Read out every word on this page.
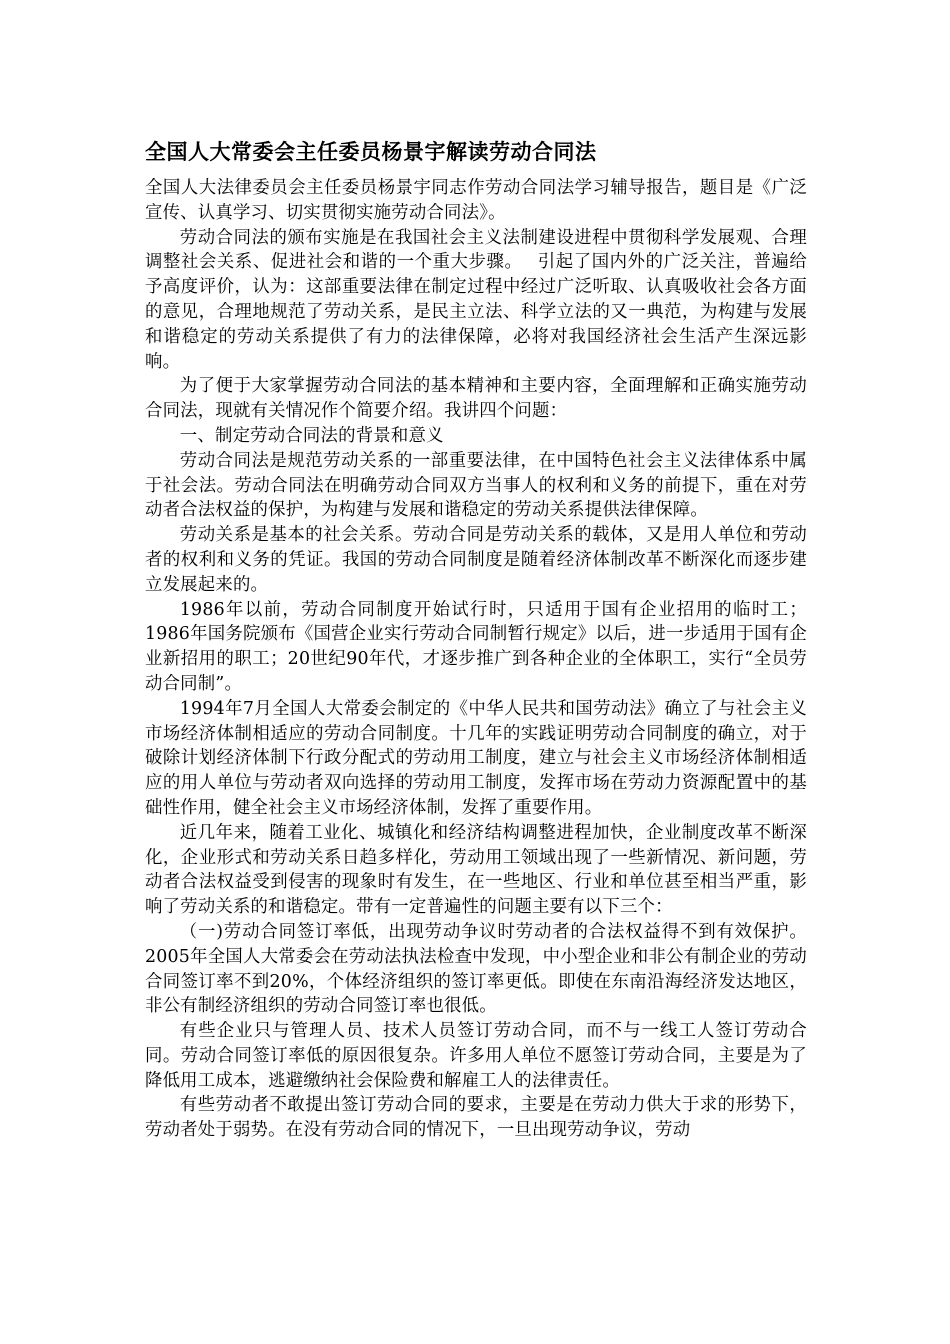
全国人大常委会主任委员杨景宇解读劳动合同法

全国人大法律委员会主任委员杨景宇同志作劳动合同法学习辅导报告，题目是《广泛宣传、认真学习、切实贯彻实施劳动合同法》。

劳动合同法的颁布实施是在我国社会主义法制建设进程中贯彻科学发展观、合理调整社会关系、促进社会和谐的一个重大步骤。　 引起了国内外的广泛关注，普遍给予高度评价，认为：这部重要法律在制定过程中经过广泛听取、认真吸收社会各方面的意见，合理地规范了劳动关系，是民主立法、科学立法的又一典范，为构建与发展和谐稳定的劳动关系提供了有力的法律保障，必将对我国经济社会生活产生深远影响。

为了便于大家掌握劳动合同法的基本精神和主要内容，全面理解和正确实施劳动合同法，现就有关情况作个简要介绍。我讲四个问题：

一、制定劳动合同法的背景和意义

劳动合同法是规范劳动关系的一部重要法律，在中国特色社会主义法律体系中属于社会法。劳动合同法在明确劳动合同双方当事人的权利和义务的前提下，重在对劳动者合法权益的保护，为构建与发展和谐稳定的劳动关系提供法律保障。

劳动关系是基本的社会关系。劳动合同是劳动关系的载体，又是用人单位和劳动者的权利和义务的凭证。我国的劳动合同制度是随着经济体制改革不断深化而逐步建立发展起来的。

1986年以前，劳动合同制度开始试行时，只适用于国有企业招用的临时工；1986年国务院颁布《国营企业实行劳动合同制暂行规定》以后，进一步适用于国有企业新招用的职工；20世纪90年代，才逐步推广到各种企业的全体职工，实行“全员劳动合同制”。

1994年7月全国人大常委会制定的《中华人民共和国劳动法》确立了与社会主义市场经济体制相适应的劳动合同制度。十几年的实践证明劳动合同制度的确立，对于破除计划经济体制下行政分配式的劳动用工制度，建立与社会主义市场经济体制相适应的用人单位与劳动者双向选择的劳动用工制度，发挥市场在劳动力资源配置中的基础性作用，健全社会主义市场经济体制，发挥了重要作用。

近几年来，随着工业化、城镇化和经济结构调整进程加快，企业制度改革不断深化，企业形式和劳动关系日趋多样化，劳动用工领域出现了一些新情况、新问题，劳动者合法权益受到侵害的现象时有发生，在一些地区、行业和单位甚至相当严重，影响了劳动关系的和谐稳定。带有一定普遍性的问题主要有以下三个：

（一)劳动合同签订率低，出现劳动争议时劳动者的合法权益得不到有效保护。2005年全国人大常委会在劳动法执法检查中发现，中小型企业和非公有制企业的劳动合同签订率不到20%，个体经济组织的签订率更低。即使在东南沿海经济发达地区，非公有制经济组织的劳动合同签订率也很低。

有些企业只与管理人员、技术人员签订劳动合同，而不与一线工人签订劳动合同。劳动合同签订率低的原因很复杂。许多用人单位不愿签订劳动合同，主要是为了降低用工成本，逃避缴纳社会保险费和解雇工人的法律责任。

有些劳动者不敢提出签订劳动合同的要求，主要是在劳动力供大于求的形势下，劳动者处于弱势。在没有劳动合同的情况下，一旦出现劳动争议，劳动
